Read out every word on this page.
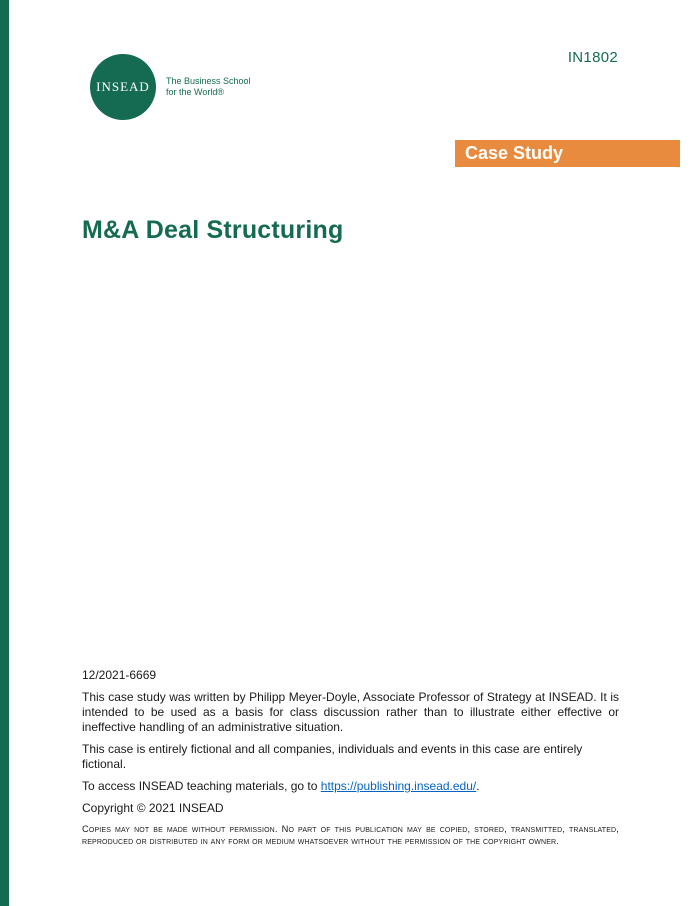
IN1802
INSEAD The Business School
for the World®
Case Study
M&A Deal Structuring
12/2021-6669

This case study was written by Philipp Meyer-Doyle, Associate Professor of Strategy at INSEAD. It is intended to be used as a basis for class discussion rather than to illustrate either effective or ineffective handling of an administrative situation.

This case is entirely fictional and all companies, individuals and events in this case are entirely fictional.

To access INSEAD teaching materials, go to https://publishing.insead.edu/.

Copyright © 2021 INSEAD

Copies may not be made without permission. No part of this publication may be copied, stored, transmitted, translated, reproduced or distributed in any form or medium whatsoever without the permission of the copyright owner.
